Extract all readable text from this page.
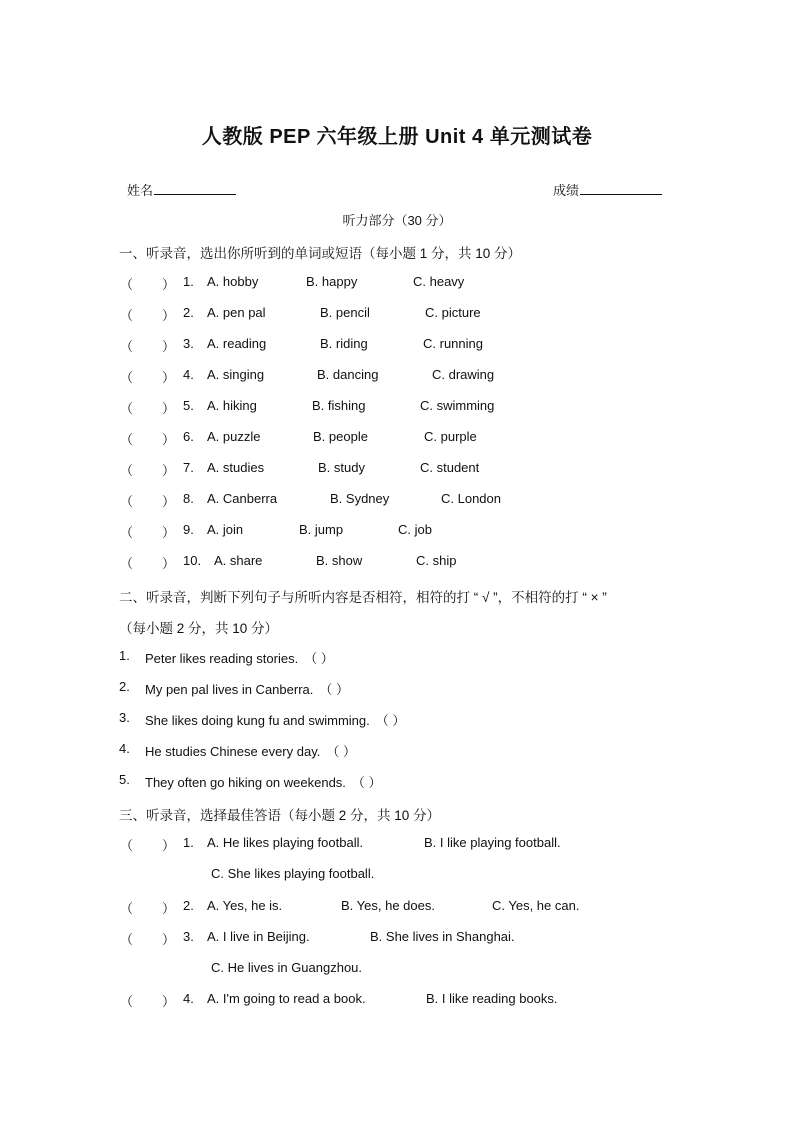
人教版 PEP 六年级上册 Unit 4 单元测试卷
姓名	成绩
听力部分（30 分）
一、听录音，选出你所听到的单词或短语（每小题 1 分，共 10 分）
（ ） 1. A. hobby	B. happy	C. heavy
（ ） 2. A. pen pal	B. pencil	C. picture
（ ） 3. A. reading	B. riding	C. running
（ ） 4. A. singing	B. dancing	C. drawing
（ ） 5. A. hiking	B. fishing	C. swimming
（ ） 6. A. puzzle	B. people	C. purple
（ ） 7. A. studies	B. study	C. student
（ ） 8. A. Canberra	B. Sydney	C. London
（ ） 9. A. join	B. jump	C. job
（ ） 10. A. share	B. show	C. ship
二、听录音，判断下列句子与所听内容是否相符，相符的打 “ √ ”，不相符的打 “ × ”
（每小题 2 分，共 10 分）
1. Peter likes reading stories. （ ）
2. My pen pal lives in Canberra. （ ）
3. She likes doing kung fu and swimming. （ ）
4. He studies Chinese every day. （ ）
5. They often go hiking on weekends. （ ）
三、听录音，选择最佳答语（每小题 2 分，共 10 分）
（ ） 1. A. He likes playing football.	B. I like playing football.
C. She likes playing football.
（ ） 2. A. Yes, he is.	B. Yes, he does.	C. Yes, he can.
（ ） 3. A. I live in Beijing.	B. She lives in Shanghai.
C. He lives in Guangzhou.
（ ） 4. A. I'm going to read a book.	B. I like reading books.
